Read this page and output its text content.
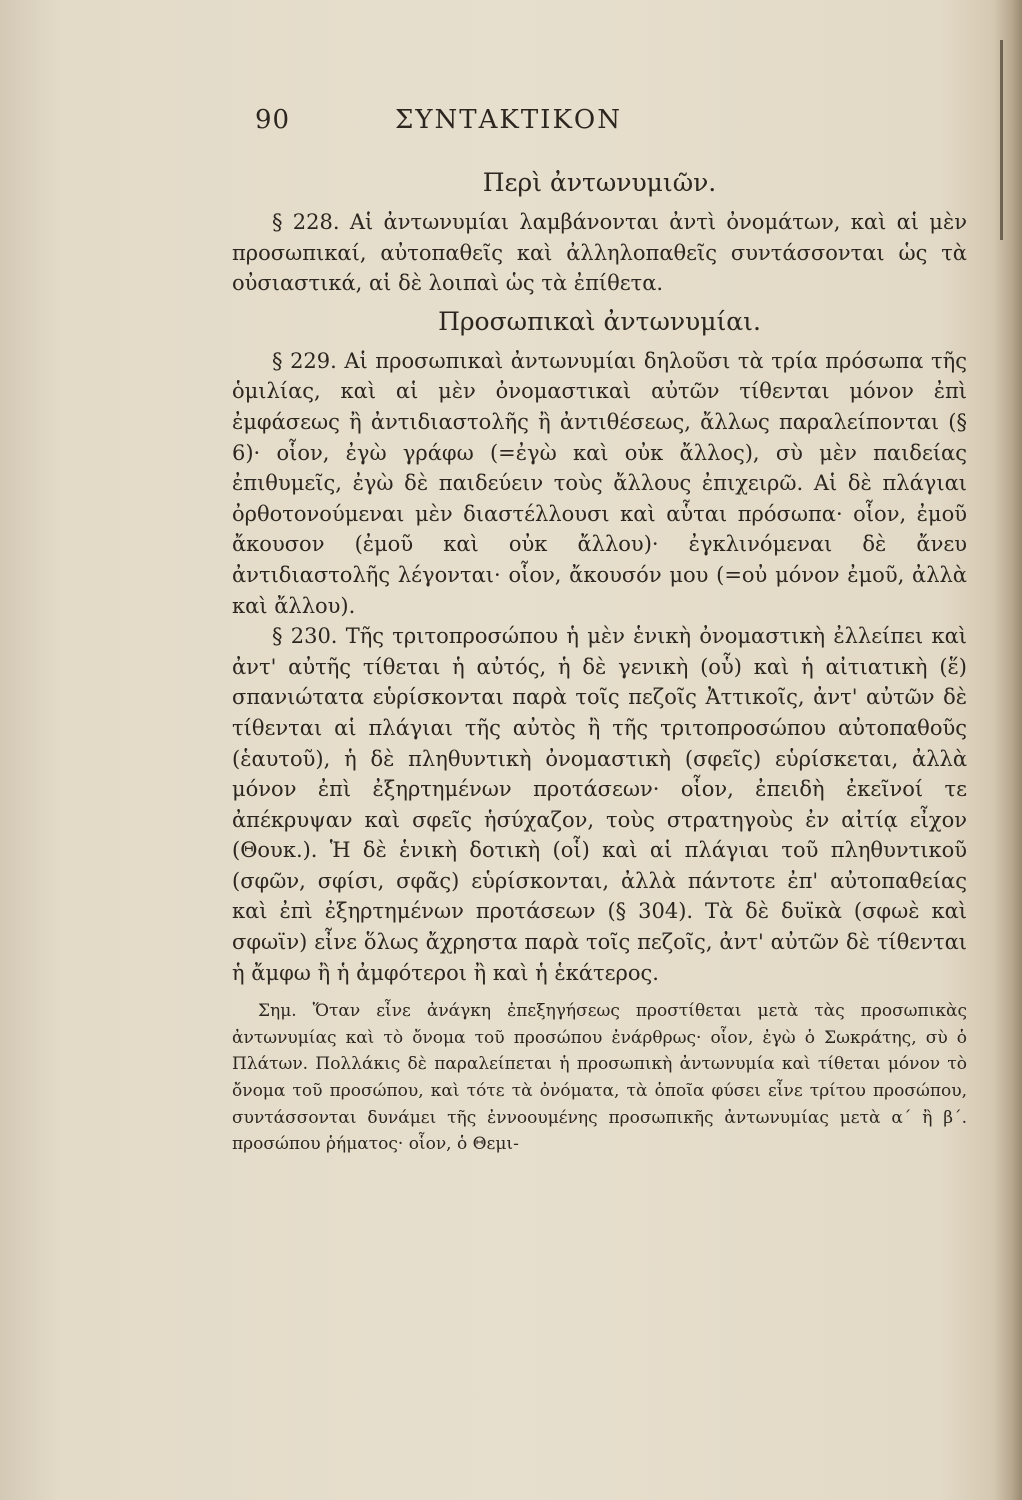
90	ΣΥΝΤΑΚΤΙΚΟΝ
Περὶ ἀντωνυμιῶν.

§ 228. Αἱ ἀντωνυμίαι λαμβάνονται ἀντὶ ὀνομάτων, καὶ αἱ μὲν προσωπικαί, αὐτοπαθεῖς καὶ ἀλληλοπαθεῖς συντάσσονται ὡς τὰ οὐσιαστικά, αἱ δὲ λοιπαὶ ὡς τὰ ἐπίθετα.

Προσωπικαὶ ἀντωνυμίαι.

§ 229. Αἱ προσωπικαὶ ἀντωνυμίαι δηλοῦσι τὰ τρία πρόσωπα τῆς ὁμιλίας, καὶ αἱ μὲν ὀνομαστικαὶ αὐτῶν τίθενται μόνον ἐπὶ ἐμφάσεως ἢ ἀντιδιαστολῆς ἢ ἀντιθέσεως, ἄλλως παραλείπονται (§ 6)· οἷον, ἐγὼ γράφω (=ἐγὼ καὶ οὐκ ἄλλος), σὺ μὲν παιδείας ἐπιθυμεῖς, ἐγὼ δὲ παιδεύειν τοὺς ἄλλους ἐπιχειρῶ. Αἱ δὲ πλάγιαι ὀρθοτονούμεναι μὲν διαστέλλουσι καὶ αὗται πρόσωπα· οἷον, ἐμοῦ ἄκουσον (ἐμοῦ καὶ οὐκ ἄλλου)· ἐγκλινόμεναι δὲ ἄνευ ἀντιδιαστολῆς λέγονται· οἷον, ἄκουσόν μου (=οὐ μόνον ἐμοῦ, ἀλλὰ καὶ ἄλλου).

§ 230. Τῆς τριτοπροσώπου ἡ μὲν ἑνικὴ ὀνομαστικὴ ἐλλείπει καὶ ἀντ' αὐτῆς τίθεται ἡ αὐτός, ἡ δὲ γενικὴ (οὗ) καὶ ἡ αἰτιατικὴ (ἕ) σπανιώτατα εὑρίσκονται παρὰ τοῖς πεζοῖς Ἀττικοῖς, ἀντ' αὐτῶν δὲ τίθενται αἱ πλάγιαι τῆς αὐτὸς ἢ τῆς τριτοπροσώπου αὐτοπαθοῦς (ἑαυτοῦ), ἡ δὲ πληθυντικὴ ὀνομαστικὴ (σφεῖς) εὑρίσκεται, ἀλλὰ μόνον ἐπὶ ἐξηρτημένων προτάσεων· οἷον, ἐπειδὴ ἐκεῖνοί τε ἀπέκρυψαν καὶ σφεῖς ἡσύχαζον, τοὺς στρατηγοὺς ἐν αἰτίᾳ εἶχον (Θουκ.). Ἡ δὲ ἑνικὴ δοτικὴ (οἷ) καὶ αἱ πλάγιαι τοῦ πληθυντικοῦ (σφῶν, σφίσι, σφᾶς) εὑρίσκονται, ἀλλὰ πάντοτε ἐπ' αὐτοπαθείας καὶ ἐπὶ ἐξηρτημένων προτάσεων (§ 304). Τὰ δὲ δυϊκὰ (σφωὲ καὶ σφωϊν) εἶνε ὅλως ἄχρηστα παρὰ τοῖς πεζοῖς, ἀντ' αὐτῶν δὲ τίθενται ἡ ἄμφω ἢ ἡ ἀμφότεροι ἢ καὶ ἡ ἑκάτερος.

Σημ. Ὅταν εἶνε ἀνάγκη ἐπεξηγήσεως προστίθεται μετὰ τὰς προσωπικὰς ἀντωνυμίας καὶ τὸ ὄνομα τοῦ προσώπου ἐνάρθρως· οἷον, ἐγὼ ὁ Σωκράτης, σὺ ὁ Πλάτων. Πολλάκις δὲ παραλείπεται ἡ προσωπικὴ ἀντωνυμία καὶ τίθεται μόνον τὸ ὄνομα τοῦ προσώπου, καὶ τότε τὰ ὀνόματα, τὰ ὁποῖα φύσει εἶνε τρίτου προσώπου, συντάσσονται δυνάμει τῆς ἐννοουμένης προσωπικῆς ἀντωνυμίας μετὰ α΄ ἢ β΄. προσώπου ῥήματος· οἷον, ὁ Θεμι-
